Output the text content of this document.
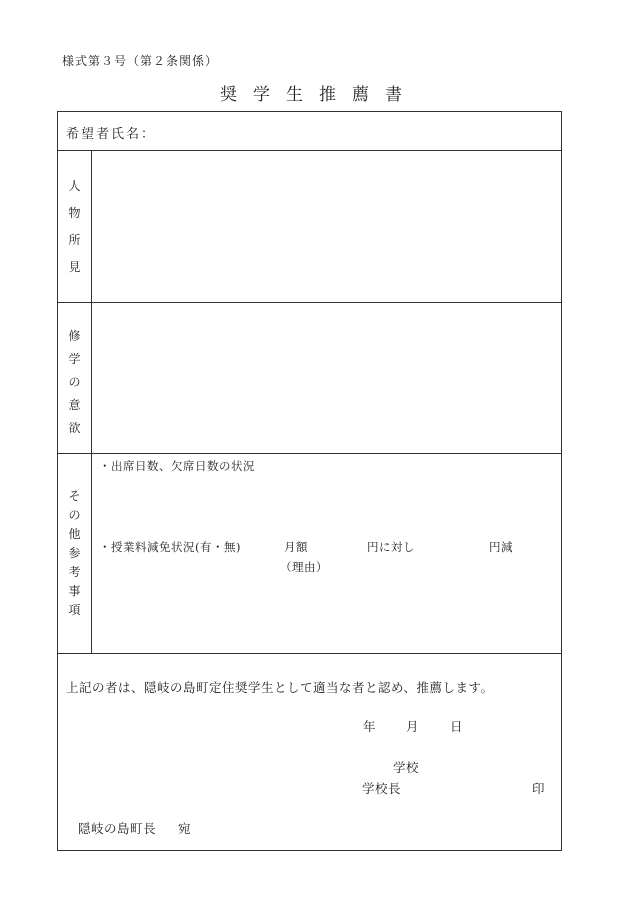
様式第３号（第２条関係）
奨学生推薦書
希望者氏名：
人
物
所
見
修
学
の
意
欲
そ
の
他
参
考
事
項
・出席日数、欠席日数の状況
・授業料減免状況(有・無)	月額	円に対し	円減
（理由）
上記の者は、隠岐の島町定住奨学生として適当な者と認め、推薦します。
年 月 日
学校
学校長	印
隠岐の島町長 宛
